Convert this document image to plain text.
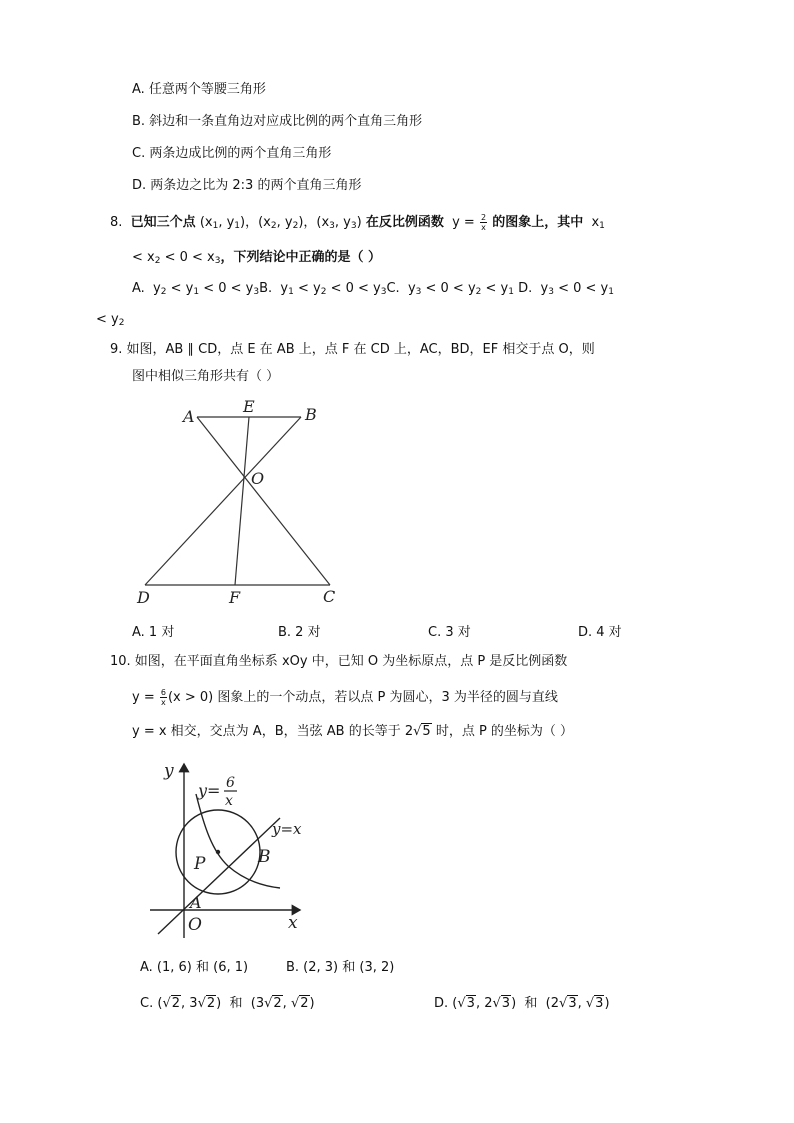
A. 任意两个等腰三角形
B. 斜边和一条直角边对应成比例的两个直角三角形
C. 两条边成比例的两个直角三角形
D. 两条边之比为 2:3 的两个直角三角形
8. 已知三个点 ($x_1$, $y_1$)，($x_2$, $y_2$)，($x_3$, $y_3$) 在反比例函数  $y = \frac{2}{x}$ 的图象上，其中  $x_1$
< $x_2 < 0 < x_3$，下列结论中正确的是（ ）
A.  $y_2 < y_1 < 0 < y_3B$.  $y_1 < y_2 < 0 < y_3C$.  $y_3 < 0 < y_2 < y_1$ D.  $y_3 < 0 < y_1$
< $y_2$
9. 如图，AB ∥ CD，点 E 在 AB 上，点 F 在 CD 上，AC，BD，EF 相交于点 O，则
图中相似三角形共有（ ）
A
E	B
O
D	F	C
A. 1 对	B. 2 对	C. 3 对	D. 4 对
10. 如图，在平面直角坐标系 xOy 中，已知 O 为坐标原点，点 P 是反比例函数
$y = \frac{6}{x} (x > 0)$ 图象上的一个动点，若以点 P 为圆心，3 为半径的圆与直线
y = x 相交，交点为 A，B，当弦 AB 的长等于 2√5 时，点 P 的坐标为（ ）
y
x
y= 6
x
y=x
P	B
A
O
A. (1, 6) 和 (6, 1)	B. (2, 3) 和 (3, 2)
C. (√2, 3√2)  和  (3√2, √2)	D. (√3, 2√3)  和  (2√3, √3)
